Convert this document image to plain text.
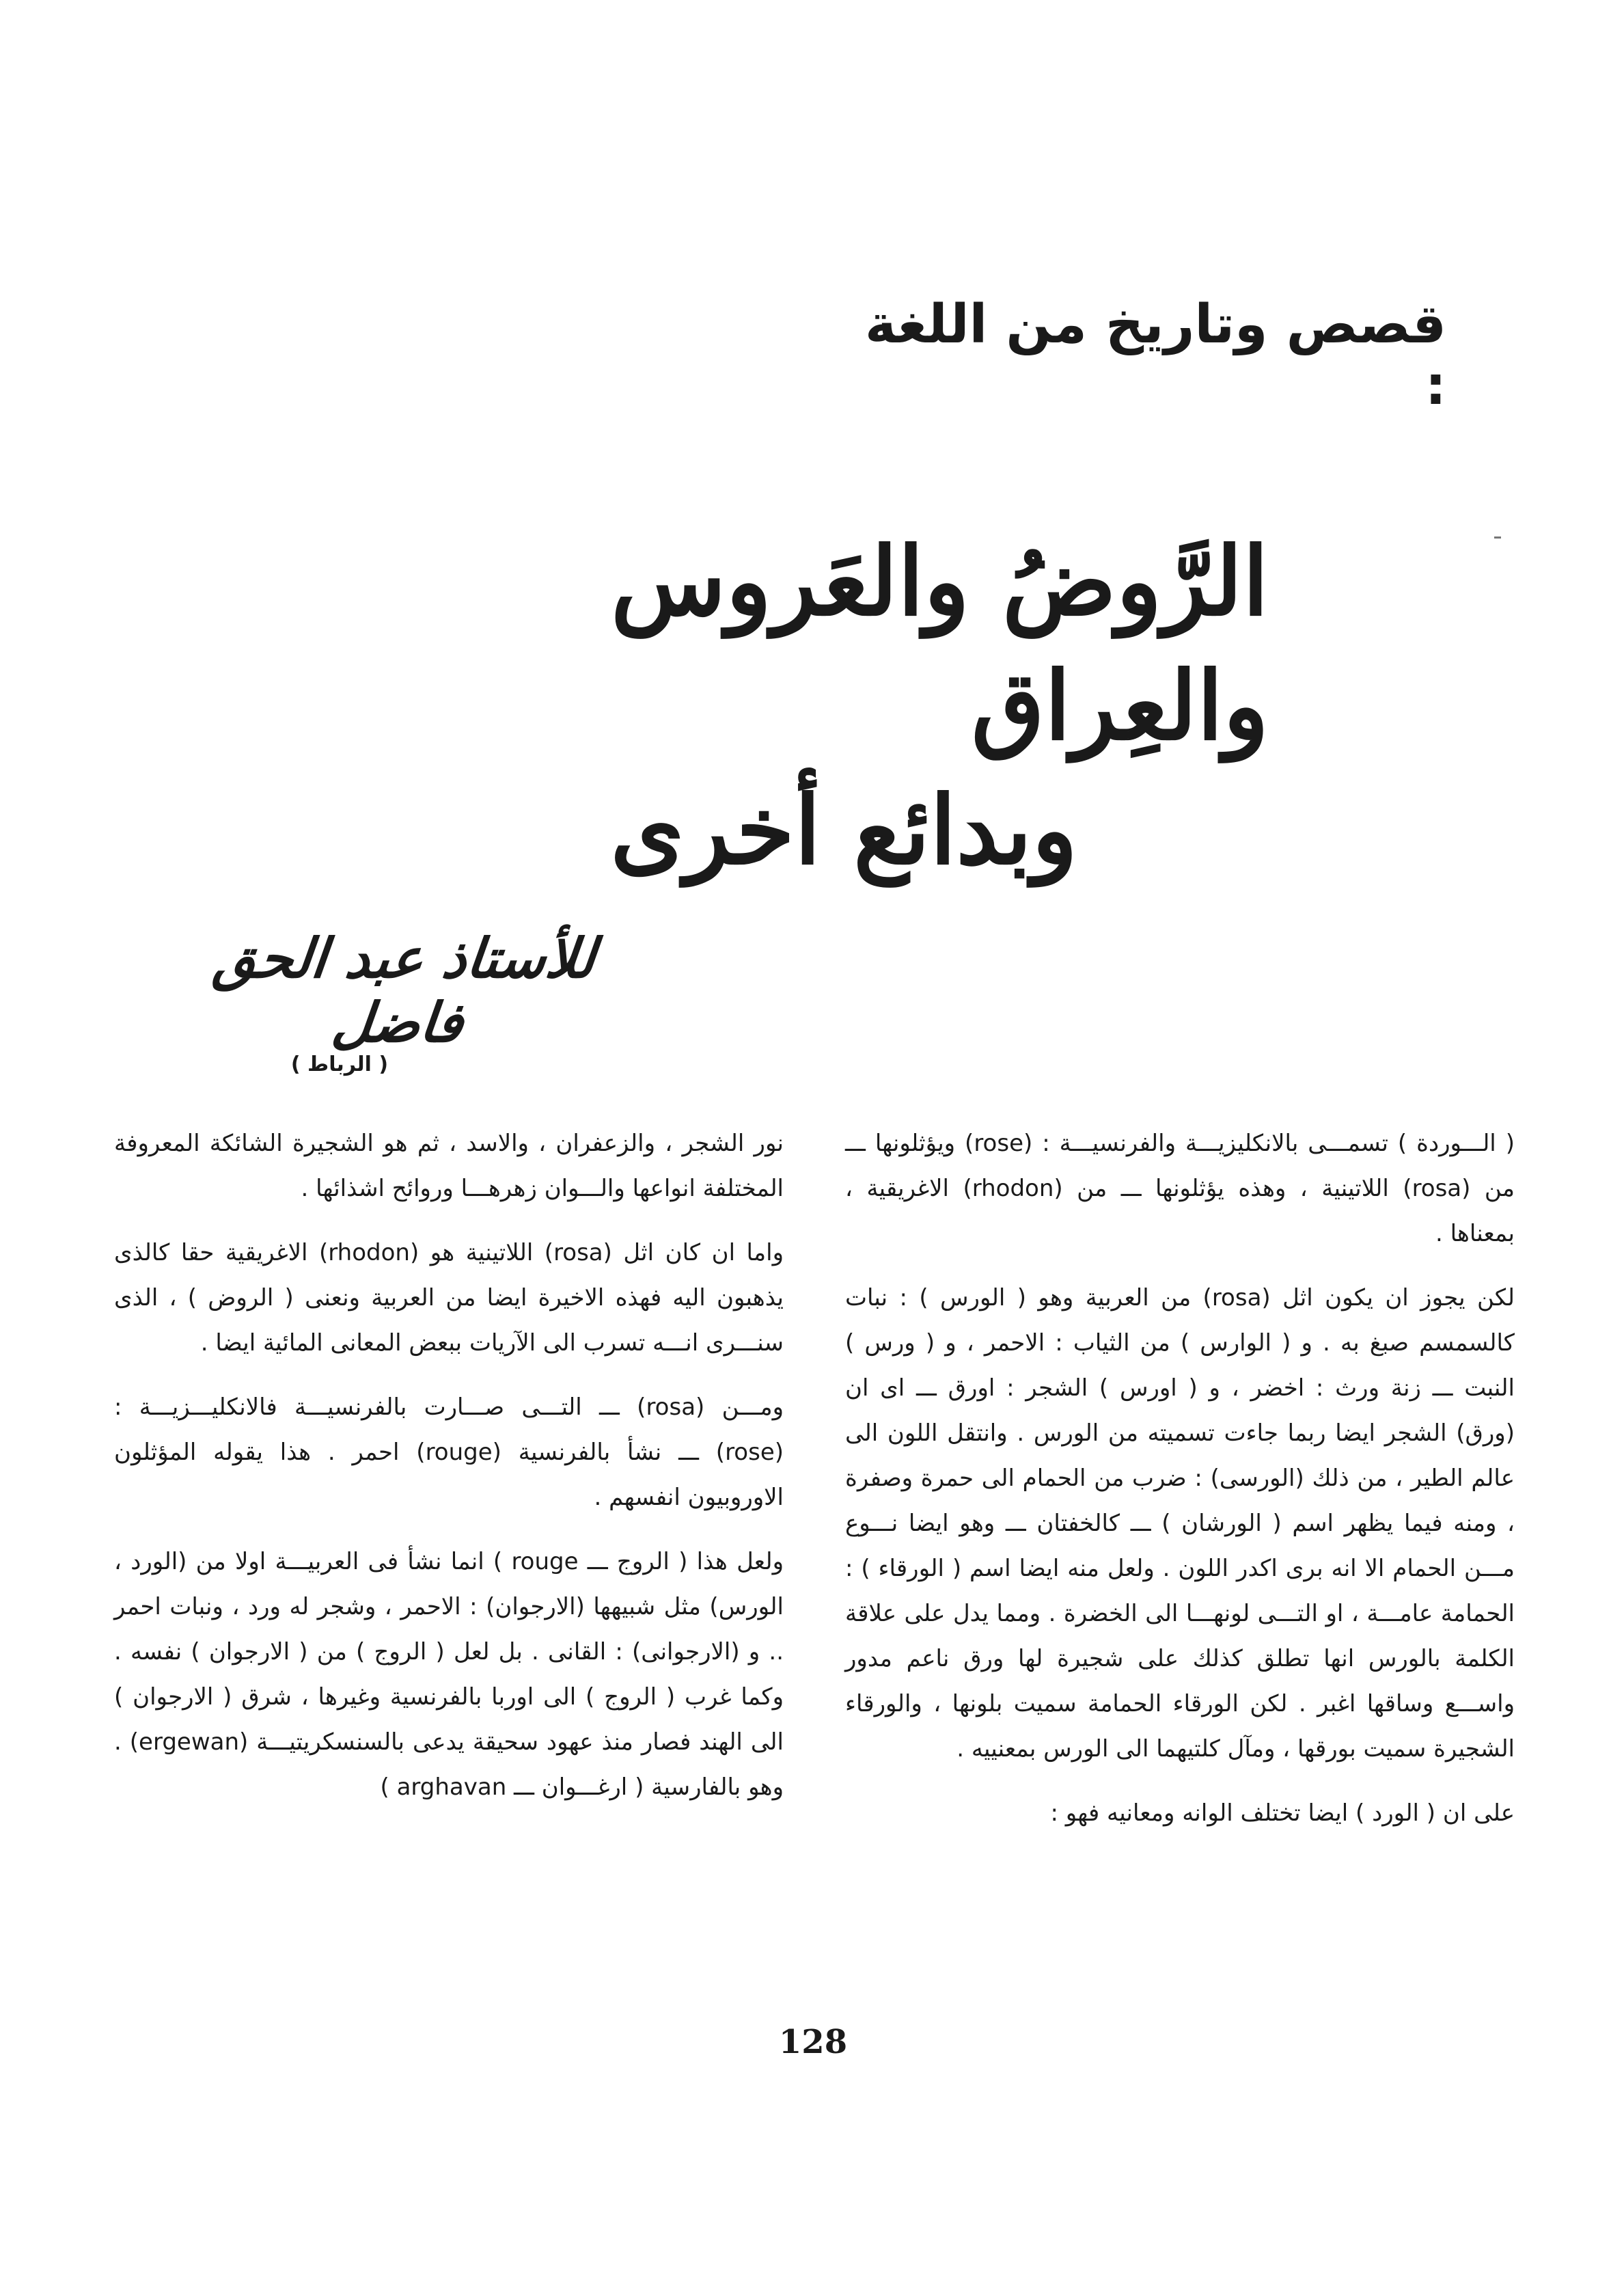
قصص وتاريخ من اللغة :
الرَّوضُ والعَروس والعِراق
وبدائع أخرى
للأستاذ عبد الحق فاضل
( الرباط )

( الـــوردة ) تسمـــى بالانكليزيـــة والفرنسيـــة : (rose) ويؤثلونها ـــ من (rosa) اللاتينية ، وهذه يؤثلونها ـــ من (rhodon) الاغريقية ، بمعناها .

لكن يجوز ان يكون اثل (rosa) من العربية وهو ( الورس ) : نبات كالسمسم صبغ به . و ( الوارس ) من الثياب : الاحمر ، و ( ورس ) النبت ـــ زنة ورث : اخضر ، و ( اورس ) الشجر : اورق ـــ اى ان (ورق) الشجر ايضا ربما جاءت تسميته من الورس . وانتقل اللون الى عالم الطير ، من ذلك (الورسى) : ضرب من الحمام الى حمرة وصفرة ، ومنه فيما يظهر اسم ( الورشان ) ـــ كالخفتان ـــ وهو ايضا نـــوع مـــن الحمام الا انه برى اكدر اللون . ولعل منه ايضا اسم ( الورقاء ) : الحمامة عامـــة ، او التـــى لونهـــا الى الخضرة . ومما يدل على علاقة الكلمة بالورس انها تطلق كذلك على شجيرة لها ورق ناعم مدور واســـع وساقها اغبر . لكن الورقاء الحمامة سميت بلونها ، والورقاء الشجيرة سميت بورقها ، ومآل كلتيهما الى الورس بمعنييه .

على ان ( الورد ) ايضا تختلف الوانه ومعانيه فهو :

نور الشجر ، والزعفران ، والاسد ، ثم هو الشجيرة الشائكة المعروفة المختلفة انواعها والـــوان زهرهـــا وروائح اشذائها .

واما ان كان اثل (rosa) اللاتينية هو (rhodon) الاغريقية حقا كالذى يذهبون اليه فهذه الاخيرة ايضا من العربية ونعنى ( الروض ) ، الذى سنـــرى انـــه تسرب الى الآريات ببعض المعانى المائية ايضا .

ومـــن (rosa) ـــ التـــى صـــارت بالفرنسيـــة فالانكليـــزيـــة : (rose) ـــ نشأ بالفرنسية (rouge) احمر . هذا يقوله المؤثلون الاوروبيون انفسهم .

ولعل هذا ( الروج ـــ rouge ) انما نشأ فى العربيـــة اولا من (الورد ، الورس) مثل شبيهها (الارجوان) : الاحمر ، وشجر له ورد ، ونبات احمر .. و (الارجوانى) : القانى . بل لعل ( الروج ) من ( الارجوان ) نفسه . وكما غرب ( الروج ) الى اوربا بالفرنسية وغيرها ، شرق ( الارجوان ) الى الهند فصار منذ عهود سحيقة يدعى بالسنسكريتيـــة (ergewan) . وهو بالفارسية ( ارغـــوان ـــ arghavan )

128
